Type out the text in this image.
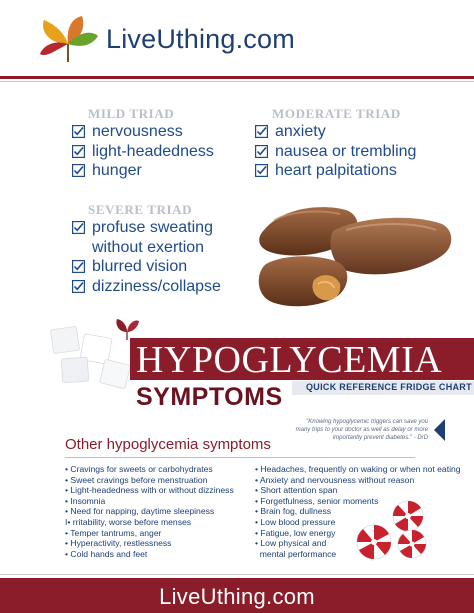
LiveUthing.com
MILD TRIAD
nervousness
light-headedness
hunger
MODERATE TRIAD
anxiety
nausea or trembling
heart palpitations
SEVERE TRIAD
profuse sweating
without exertion
blurred vision
dizziness/collapse
HYPOGLYCEMIA
SYMPTOMS	QUICK REFERENCE FRIDGE CHART
"Knowing hypoglycemic triggers can save you many trips to your doctor as well as delay or more importantly prevent diabetes." - DrD
Other hypoglycemia symptoms
• Cravings for sweets or carbohydrates
• Sweet cravings before menstruation
• Light-headedness with or without dizziness
• Insomnia
• Need for napping, daytime sleepiness
I• rritability, worse before menses
• Temper tantrums, anger
• Hyperactivity, restlessness
• Cold hands and feet
• Headaches, frequently on waking or when not eating
• Anxiety and nervousness without reason
• Short attention span
• Forgetfulness, senior moments
• Brain fog, dullness
• Low blood pressure
• Fatigue, low energy
• Low physical and
mental performance
LiveUthing.com
